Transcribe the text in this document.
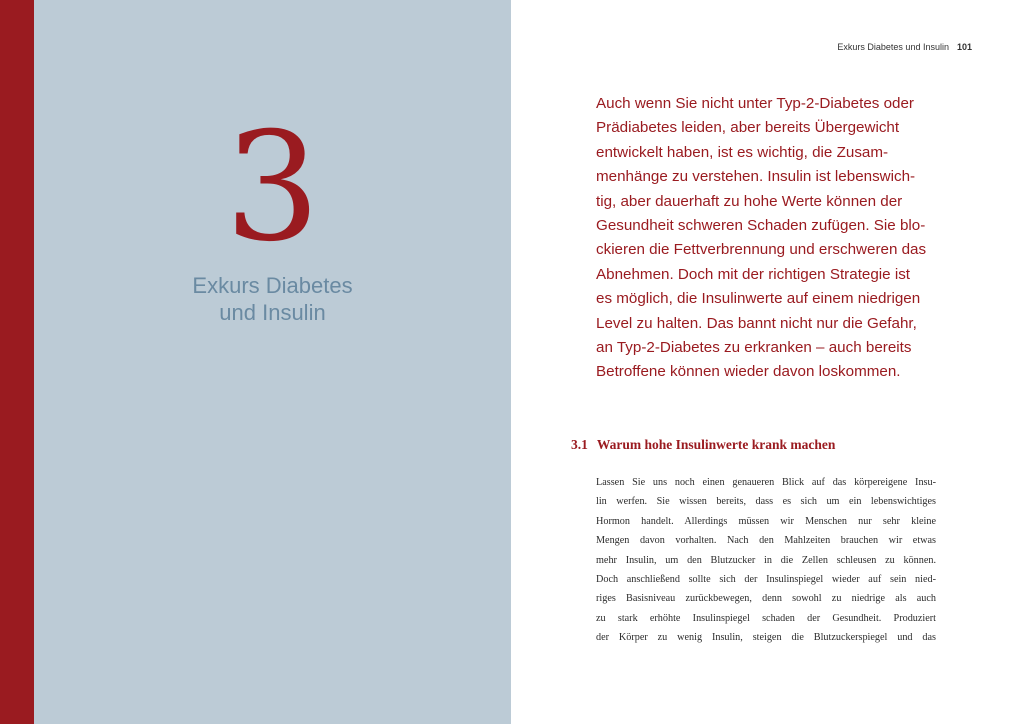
3
Exkurs Diabetes
und Insulin
Exkurs Diabetes und Insulin 101

Auch wenn Sie nicht unter Typ-2-Diabetes oder
Prädiabetes leiden, aber bereits Übergewicht
entwickelt haben, ist es wichtig, die Zusam-
menhänge zu verstehen. Insulin ist lebenswich-
tig, aber dauerhaft zu hohe Werte können der
Gesundheit schweren Schaden zufügen. Sie blo-
ckieren die Fettverbrennung und erschweren das
Abnehmen. Doch mit der richtigen Strategie ist
es möglich, die Insulinwerte auf einem niedrigen
Level zu halten. Das bannt nicht nur die Gefahr,
an Typ-2-Diabetes zu erkranken – auch bereits
Betroffene können wieder davon loskommen.

3.1 Warum hohe Insulinwerte krank machen

Lassen Sie uns noch einen genaueren Blick auf das körpereigene Insu-
lin werfen. Sie wissen bereits, dass es sich um ein lebenswichtiges
Hormon handelt. Allerdings müssen wir Menschen nur sehr kleine
Mengen davon vorhalten. Nach den Mahlzeiten brauchen wir etwas
mehr Insulin, um den Blutzucker in die Zellen schleusen zu können.
Doch anschließend sollte sich der Insulinspiegel wieder auf sein nied-
riges Basisniveau zurückbewegen, denn sowohl zu niedrige als auch
zu stark erhöhte Insulinspiegel schaden der Gesundheit. Produziert
der Körper zu wenig Insulin, steigen die Blutzuckerspiegel und das
